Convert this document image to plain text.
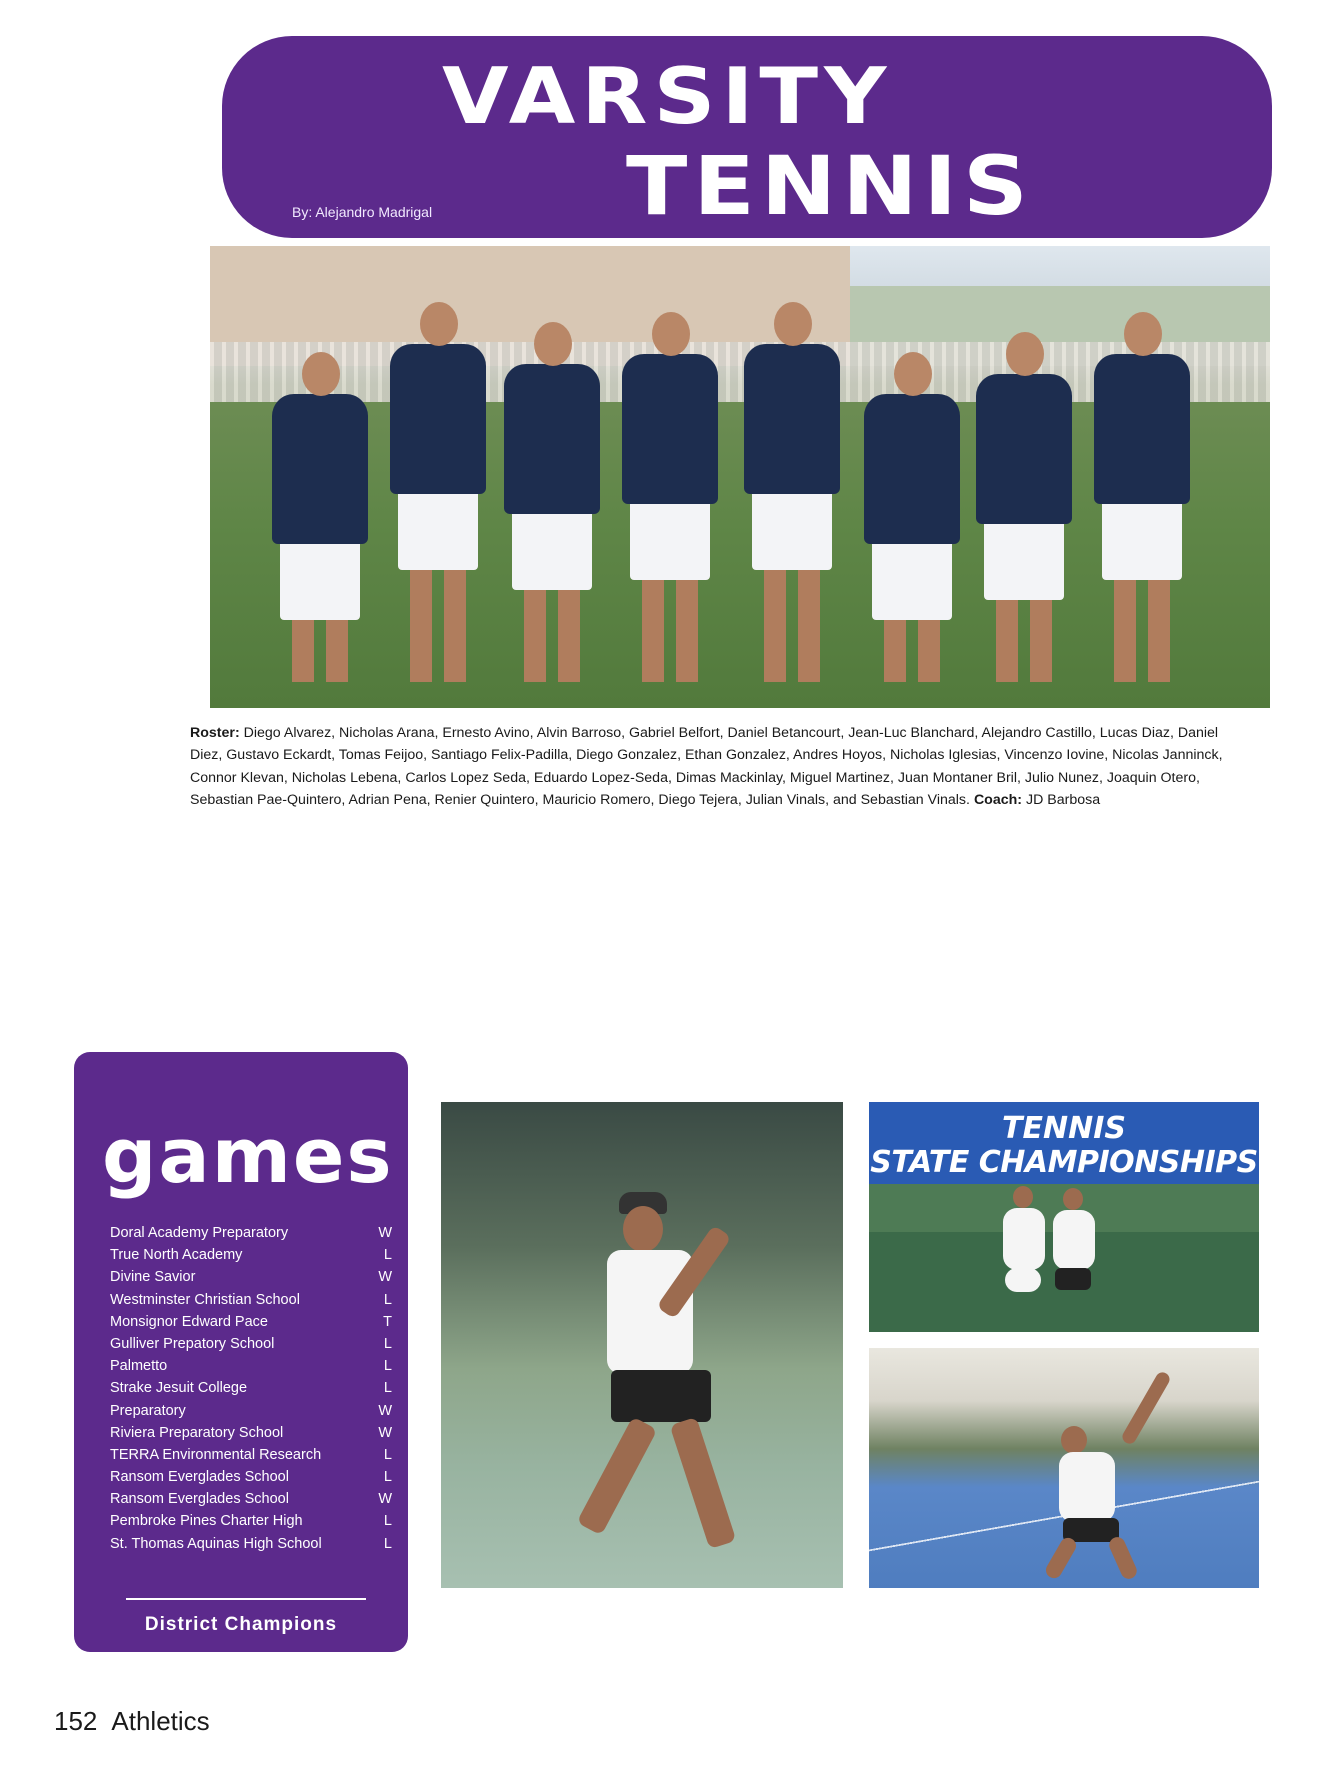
VARSITY
TENNIS
By: Alejandro Madrigal
Roster: Diego Alvarez, Nicholas Arana, Ernesto Avino, Alvin Barroso, Gabriel Belfort, Daniel Betancourt, Jean-Luc Blanchard, Alejandro Castillo, Lucas Diaz, Daniel Diez, Gustavo Eckardt, Tomas Feijoo, Santiago Felix-Padilla, Diego Gonzalez, Ethan Gonzalez, Andres Hoyos, Nicholas Iglesias, Vincenzo Iovine, Nicolas Janninck, Connor Klevan, Nicholas Lebena, Carlos Lopez Seda, Eduardo Lopez-Seda, Dimas Mackinlay, Miguel Martinez, Juan Montaner Bril, Julio Nunez, Joaquin Otero, Sebastian Pae-Quintero, Adrian Pena, Renier Quintero, Mauricio Romero, Diego Tejera, Julian Vinals, and Sebastian Vinals. Coach: JD Barbosa
games
Doral Academy Preparatory	W
True North Academy	L
Divine Savior	W
Westminster Christian School	L
Monsignor Edward Pace	T
Gulliver Prepatory School	L
Palmetto	L
Strake Jesuit College	L
Preparatory	W
Riviera Preparatory School	W
TERRA Environmental Research	L
Ransom Everglades School	L
Ransom Everglades School	W
Pembroke Pines Charter High	L
St. Thomas Aquinas High School	L
District Champions
TENNIS
STATE CHAMPIONSHIPS
152 Athletics
